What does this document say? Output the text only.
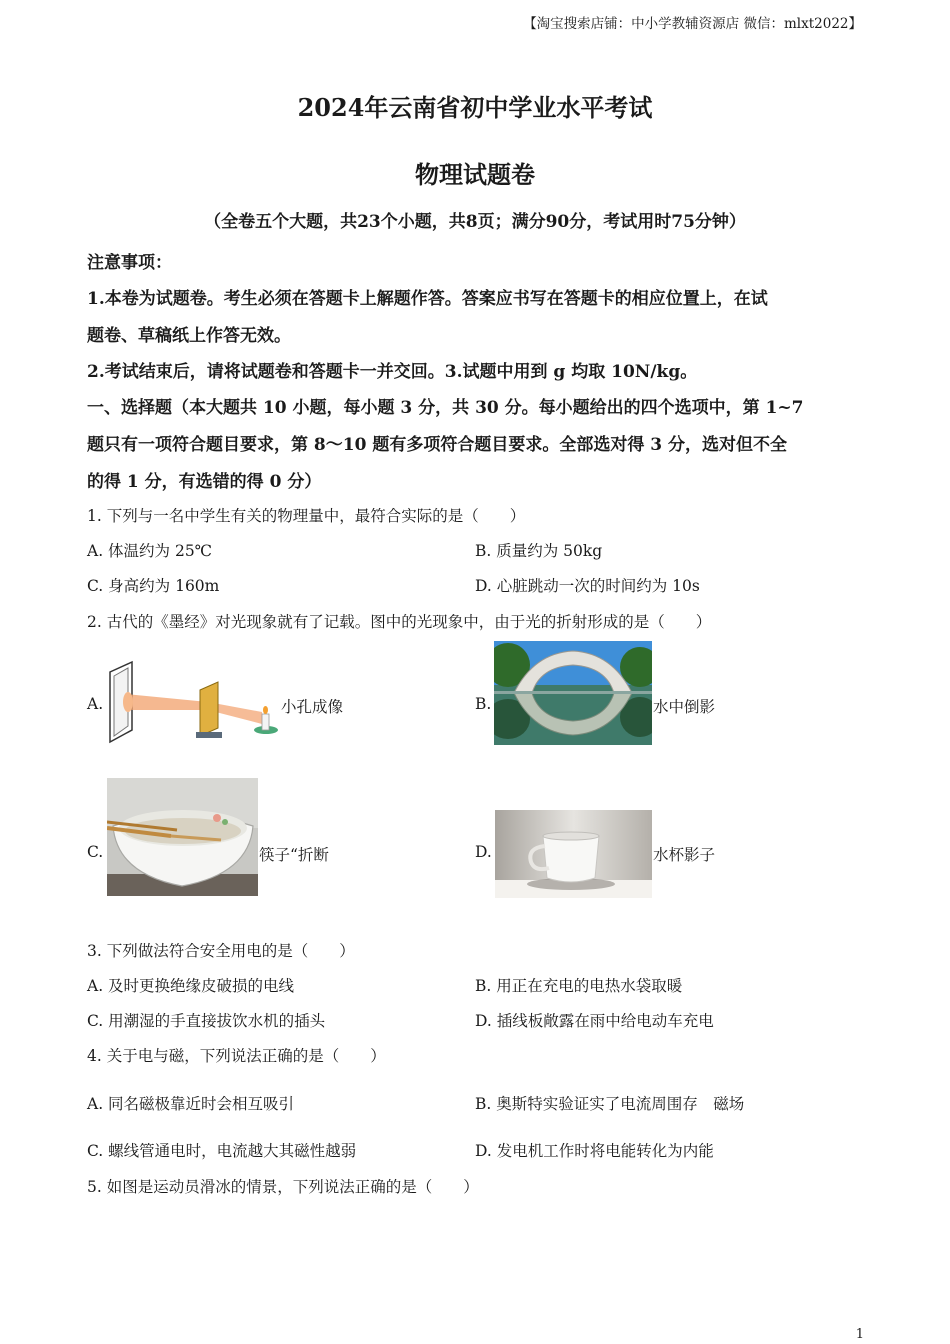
【淘宝搜索店铺：中小学教辅资源店 微信：mlxt2022】
2024年云南省初中学业水平考试
物理试题卷
（全卷五个大题，共23个小题，共8页；满分90分，考试用时75分钟）
注意事项：
1.本卷为试题卷。考生必须在答题卡上解题作答。答案应书写在答题卡的相应位置上，在试
题卷、草稿纸上作答无效。
2.考试结束后，请将试题卷和答题卡一并交回。3.试题中用到 g 均取 10N/kg。
一、选择题（本大题共 10 小题，每小题 3 分，共 30 分。每小题给出的四个选项中，第 1~7
题只有一项符合题目要求，第 8～10 题有多项符合题目要求。全部选对得 3 分，选对但不全
的得 1 分，有选错的得 0 分）
1. 下列与一名中学生有关的物理量中，最符合实际的是（　　）
A. 体温约为 25℃	B. 质量约为 50kg
C. 身高约为 160m	D. 心脏跳动一次的时间约为 10s
2. 古代的《墨经》对光现象就有了记载。图中的光现象中，由于光的折射形成的是（　　）
A.	小孔成像	B.	水中倒影
C.	筷子“折断	D.	水杯影子
3. 下列做法符合安全用电的是（　　）
A. 及时更换绝缘皮破损的电线	B. 用正在充电的电热水袋取暖
C. 用潮湿的手直接拔饮水机的插头	D. 插线板敞露在雨中给电动车充电
4. 关于电与磁，下列说法正确的是（　　）
A. 同名磁极靠近时会相互吸引	B. 奥斯特实验证实了电流周围存　磁场
C. 螺线管通电时，电流越大其磁性越弱	D. 发电机工作时将电能转化为内能
5. 如图是运动员滑冰的情景，下列说法正确的是（　　）
1
